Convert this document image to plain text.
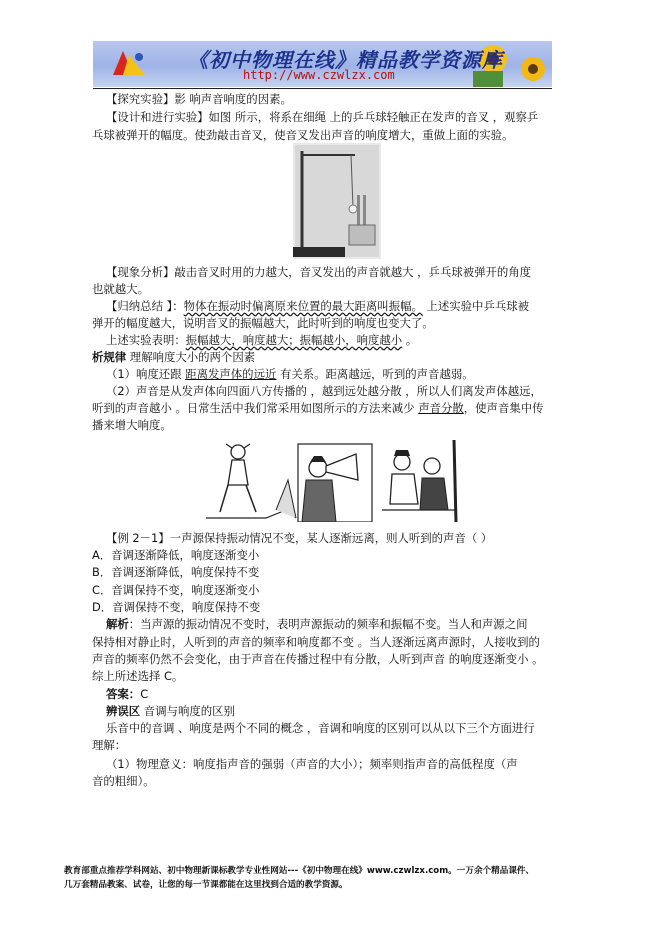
《初中物理在线》精品教学资源库
http://www.czwlzx.com
【探究实验】影 响声音响度的因素。
【设计和进行实验】如图 所示，将系在细绳 上的乒乓球轻触正在发声的音叉 ，观察乒
乓球被弹开的幅度。使劲敲击音叉，使音叉发出声音的响度增大，重做上面的实验。
【现象分析】敲击音叉时用的力越大，音叉发出的声音就越大 ，乒乓球被弹开的角度
也就越大。
【归纳总结 】：物体在振动时偏离原来位置的最大距离叫振幅。 上述实验中乒乓球被
弹开的幅度越大，说明音叉的振幅越大，此时听到的响度也变大了。
上述实验表明：振幅越大，响度越大；振幅越小，响度越小 。
析规律 理解响度大小的两个因素
（1）响度还跟 距离发声体的远近 有关系。距离越远，听到的声音越弱。
（2）声音是从发声体向四面八方传播的 ，越到远处越分散 ，所以人们离发声体越远，
听到的声音越小 。日常生活中我们常采用如图所示的方法来减少 声音分散，使声音集中传
播来增大响度。
【例 2－1】一声源保持振动情况不变，某人逐渐远离，则人听到的声音（ ）
A．音调逐渐降低，响度逐渐变小
B．音调逐渐降低，响度保持不变
C．音调保持不变，响度逐渐变小
D．音调保持不变，响度保持不变
解析：当声源的振动情况不变时，表明声源振动的频率和振幅不变。当人和声源之间
保持相对静止时，人听到的声音的频率和响度都不变 。当人逐渐远离声源时，人接收到的
声音的频率仍然不会变化，由于声音在传播过程中有分散，人听到声音 的响度逐渐变小 。
综上所述选择 C。
答案：C
辨误区 音调与响度的区别
乐音中的音调 、响度是两个不同的概念 ，音调和响度的区别可以从以下三个方面进行
理解：
（1）物理意义：响度指声音的强弱（声音的大小）；频率则指声音的高低程度（声
音的粗细）。
教育部重点推荐学科网站、初中物理新课标教学专业性网站---《初中物理在线》www.czwlzx.com。一万余个精品课件、
几万套精品教案、试卷，让您的每一节课都能在这里找到合适的教学资源。
